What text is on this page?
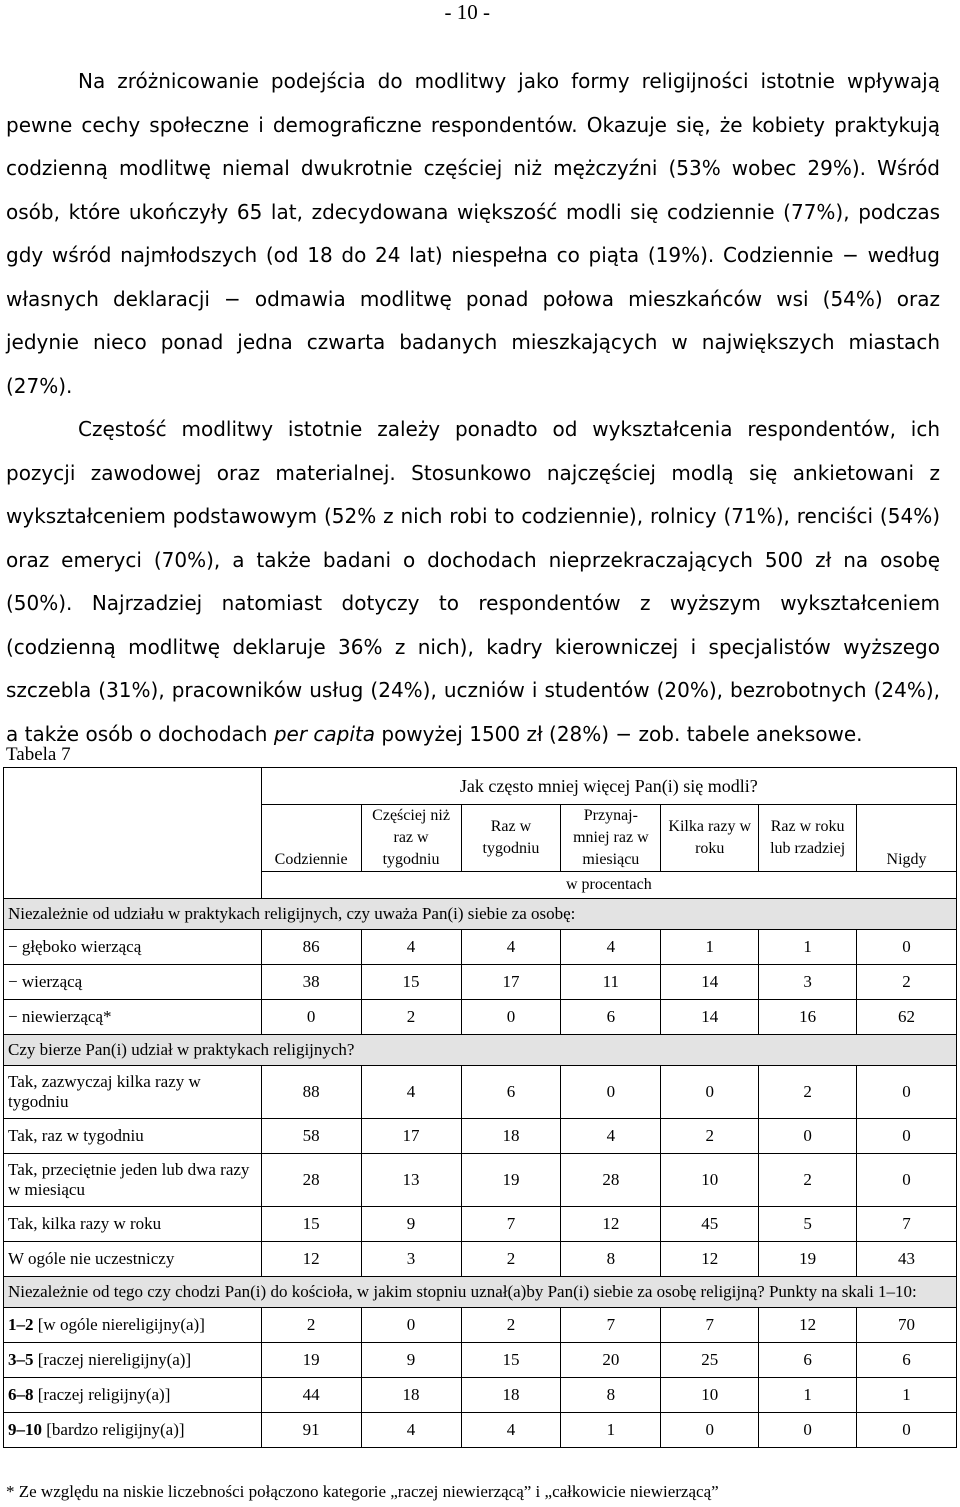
- 10 -

Na zróżnicowanie podejścia do modlitwy jako formy religijności istotnie wpływają pewne cechy społeczne i demograficzne respondentów. Okazuje się, że kobiety praktykują codzienną modlitwę niemal dwukrotnie częściej niż mężczyźni (53% wobec 29%). Wśród osób, które ukończyły 65 lat, zdecydowana większość modli się codziennie (77%), podczas gdy wśród najmłodszych (od 18 do 24 lat) niespełna co piąta (19%). Codziennie − według własnych deklaracji − odmawia modlitwę ponad połowa mieszkańców wsi (54%) oraz jedynie nieco ponad jedna czwarta badanych mieszkających w największych miastach (27%).

Częstość modlitwy istotnie zależy ponadto od wykształcenia respondentów, ich pozycji zawodowej oraz materialnej. Stosunkowo najczęściej modlą się ankietowani z wykształceniem podstawowym (52% z nich robi to codziennie), rolnicy (71%), renciści (54%) oraz emeryci (70%), a także badani o dochodach nieprzekraczających 500 zł na osobę (50%). Najrzadziej natomiast dotyczy to respondentów z wyższym wykształceniem (codzienną modlitwę deklaruje 36% z nich), kadry kierowniczej i specjalistów wyższego szczebla (31%), pracowników usług (24%), uczniów i studentów (20%), bezrobotnych (24%), a także osób o dochodach per capita powyżej 1500 zł (28%) − zob. tabele aneksowe.

Tabela 7
	Jak często mniej więcej Pan(i) się modli?						
	Codziennie	Częściej niż raz w tygodniu	Raz w tygodniu	Przynaj- mniej raz w miesiącu	Kilka razy w roku	Raz w roku lub rzadziej	Nigdy
	w procentach						
Niezależnie od udziału w praktykach religijnych, czy uważa Pan(i) siebie za osobę:							
− głęboko wierzącą	86	4	4	4	1	1	0
− wierzącą	38	15	17	11	14	3	2
− niewierzącą*	0	2	0	6	14	16	62
Czy bierze Pan(i) udział w praktykach religijnych?							
Tak, zazwyczaj kilka razy w tygodniu	88	4	6	0	0	2	0
Tak, raz w tygodniu	58	17	18	4	2	0	0
Tak, przeciętnie jeden lub dwa razy w miesiącu	28	13	19	28	10	2	0
Tak, kilka razy w roku	15	9	7	12	45	5	7
W ogóle nie uczestniczy	12	3	2	8	12	19	43
Niezależnie od tego czy chodzi Pan(i) do kościoła, w jakim stopniu uznał(a)by Pan(i) siebie za osobę religijną? Punkty na skali 1–10:							
1–2 [w ogóle niereligijny(a)]	2	0	2	7	7	12	70
3–5 [raczej niereligijny(a)]	19	9	15	20	25	6	6
6–8 [raczej religijny(a)]	44	18	18	8	10	1	1
9–10 [bardzo religijny(a)]	91	4	4	1	0	0	0
* Ze względu na niskie liczebności połączono kategorie „raczej niewierzącą” i „całkowicie niewierzącą”
